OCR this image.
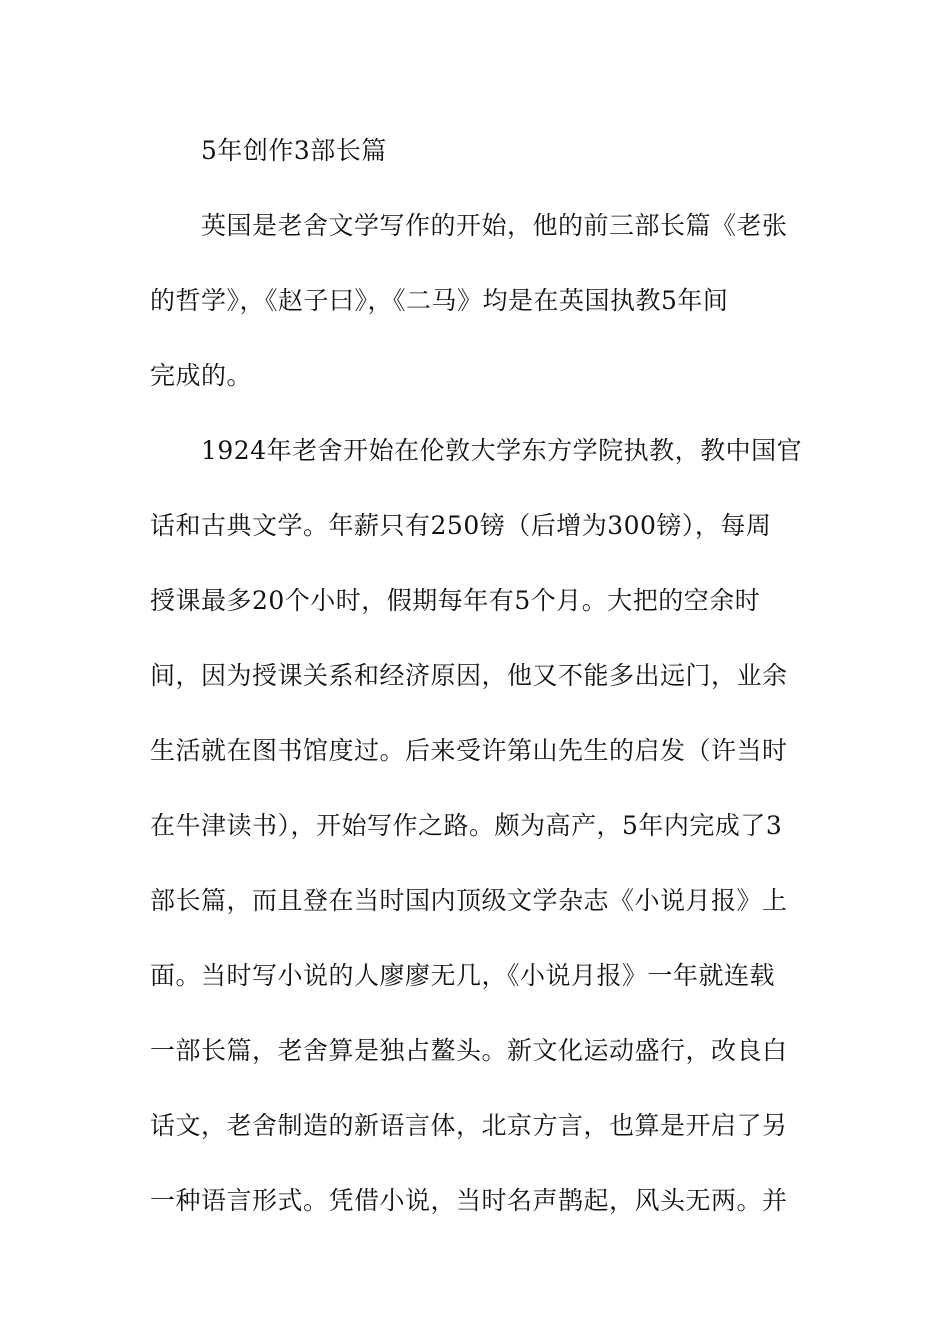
5年创作3部长篇
英国是老舍文学写作的开始，他的前三部长篇《老张
的哲学》，《赵子曰》，《二马》均是在英国执教5年间
完成的。
1924年老舍开始在伦敦大学东方学院执教，教中国官
话和古典文学。年薪只有250镑（后增为300镑），每周
授课最多20个小时，假期每年有5个月。大把的空余时
间，因为授课关系和经济原因，他又不能多出远门，业余
生活就在图书馆度过。后来受许第山先生的启发（许当时
在牛津读书），开始写作之路。颇为高产，5年内完成了3
部长篇，而且登在当时国内顶级文学杂志《小说月报》上
面。当时写小说的人廖廖无几，《小说月报》一年就连载
一部长篇，老舍算是独占鳌头。新文化运动盛行，改良白
话文，老舍制造的新语言体，北京方言，也算是开启了另
一种语言形式。凭借小说，当时名声鹊起，风头无两。并
